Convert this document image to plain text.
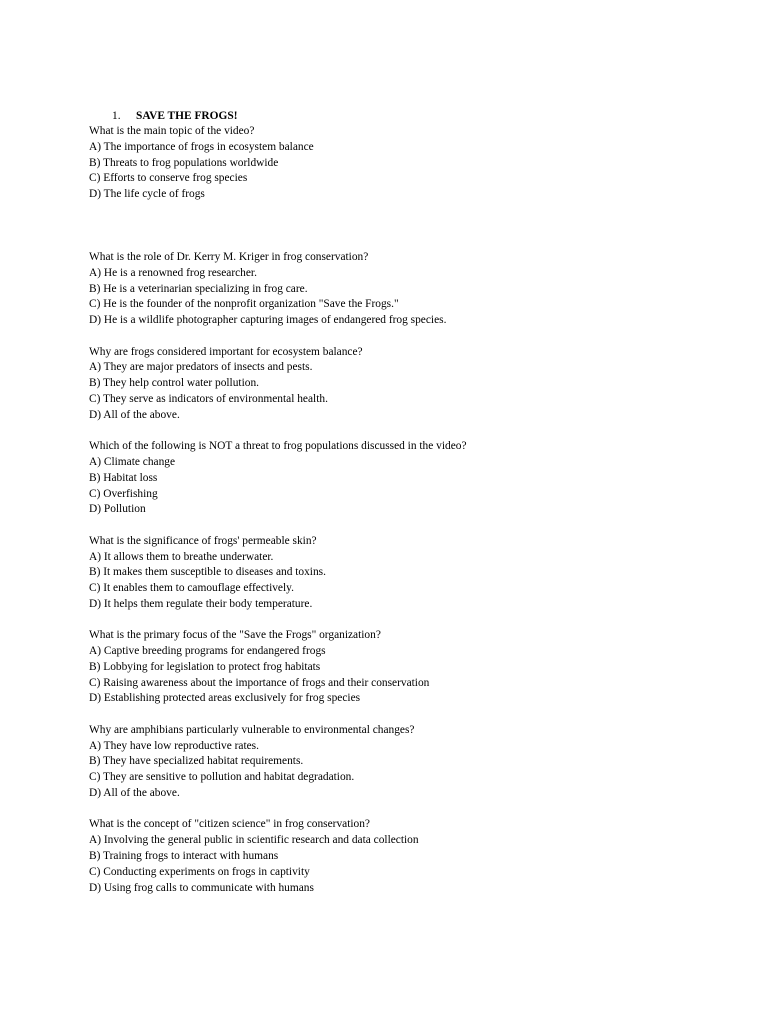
1. SAVE THE FROGS!
What is the main topic of the video?
A) The importance of frogs in ecosystem balance
B) Threats to frog populations worldwide
C) Efforts to conserve frog species
D) The life cycle of frogs
What is the role of Dr. Kerry M. Kriger in frog conservation?
A) He is a renowned frog researcher.
B) He is a veterinarian specializing in frog care.
C) He is the founder of the nonprofit organization "Save the Frogs."
D) He is a wildlife photographer capturing images of endangered frog species.
Why are frogs considered important for ecosystem balance?
A) They are major predators of insects and pests.
B) They help control water pollution.
C) They serve as indicators of environmental health.
D) All of the above.
Which of the following is NOT a threat to frog populations discussed in the video?
A) Climate change
B) Habitat loss
C) Overfishing
D) Pollution
What is the significance of frogs' permeable skin?
A) It allows them to breathe underwater.
B) It makes them susceptible to diseases and toxins.
C) It enables them to camouflage effectively.
D) It helps them regulate their body temperature.
What is the primary focus of the "Save the Frogs" organization?
A) Captive breeding programs for endangered frogs
B) Lobbying for legislation to protect frog habitats
C) Raising awareness about the importance of frogs and their conservation
D) Establishing protected areas exclusively for frog species
Why are amphibians particularly vulnerable to environmental changes?
A) They have low reproductive rates.
B) They have specialized habitat requirements.
C) They are sensitive to pollution and habitat degradation.
D) All of the above.
What is the concept of "citizen science" in frog conservation?
A) Involving the general public in scientific research and data collection
B) Training frogs to interact with humans
C) Conducting experiments on frogs in captivity
D) Using frog calls to communicate with humans
